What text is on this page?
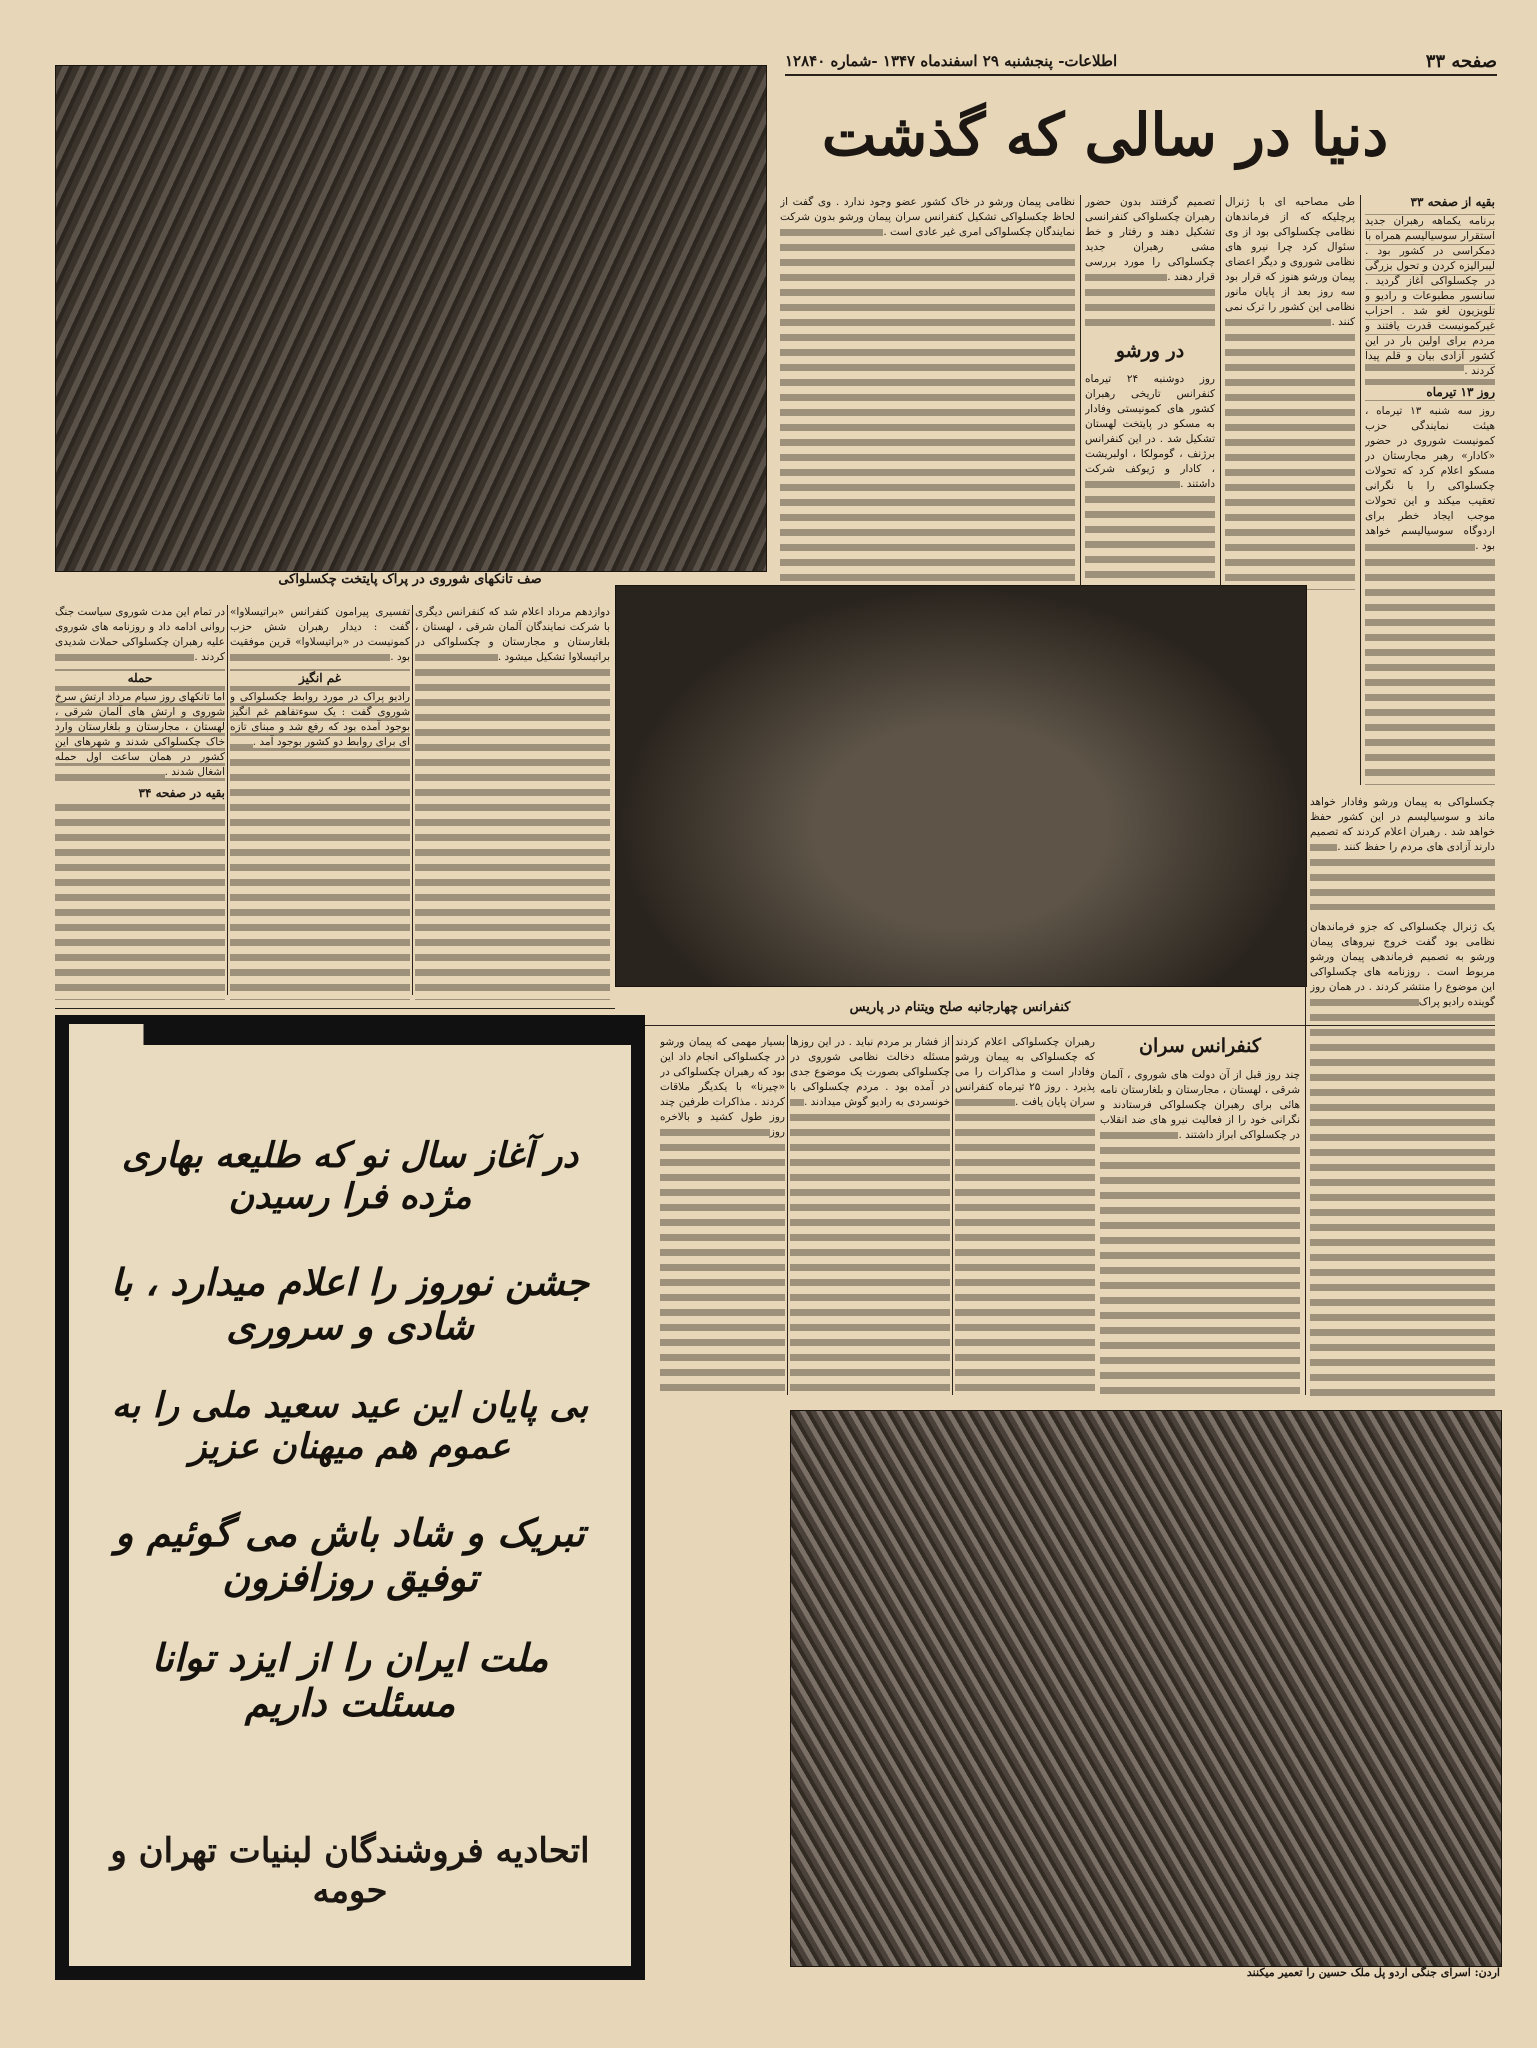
صفحه ۳۳
اطلاعات- پنجشنبه ۲۹ اسفندماه ۱۳۴۷ -شماره ۱۲۸۴۰
دنیا در سالی که گذشت
صف تانکهای شوروی در پراک پایتخت چکسلواکی
بقیه از صفحه ۳۳
برنامه یکماهه رهبران جدید استقرار سوسیالیسم همراه با دمکراسی در کشور بود . لیبرالیزه کردن و تحول بزرگی در چکسلواکی آغاز گردید . سانسور مطبوعات و رادیو و تلویزیون لغو شد . احزاب غیرکمونیست قدرت یافتند و مردم برای اولین بار در این کشور آزادی بیان و قلم پیدا کردند .
روز ۱۳ تیرماه
روز سه شنبه ۱۳ تیرماه ، هیئت نمایندگی حزب کمونیست شوروی در حضور «کادار» رهبر مجارستان در مسکو اعلام کرد که تحولات چکسلواکی را با نگرانی تعقیب میکند و این تحولات موجب ایجاد خطر برای اردوگاه سوسیالیسم خواهد بود .
طی مصاحبه ای با ژنرال پرچلیکه که از فرماندهان نظامی چکسلواکی بود از وی سئوال کرد چرا نیرو های نظامی شوروی و دیگر اعضای پیمان ورشو هنوز که قرار بود سه روز بعد از پایان مانور نظامی این کشور را ترک نمی کنند .
تصمیم گرفتند بدون حضور رهبران چکسلواکی کنفرانسی تشکیل دهند و رفتار و خط مشی رهبران جدید چکسلواکی را مورد بررسی قرار دهند .
در ورشو
روز دوشنبه ۲۴ تیرماه کنفرانس تاریخی رهبران کشور های کمونیستی وفادار به مسکو در پایتخت لهستان تشکیل شد . در این کنفرانس برژنف ، گومولکا ، اولبریشت ، کادار و ژیوکف شرکت داشتند .
نظامی پیمان ورشو در خاک کشور عضو وجود ندارد . وی گفت از لحاظ چکسلواکی تشکیل کنفرانس سران پیمان ورشو بدون شرکت نمایندگان چکسلواکی امری غیر عادی است .
کنفرانس چهارجانبه صلح ویتنام در پاریس
دوازدهم مرداد اعلام شد که کنفرانس دیگری با شرکت نمایندگان آلمان شرقی ، لهستان ، بلغارستان و مجارستان و چکسلواکی در براتیسلاوا تشکیل میشود .
تفسیری پیرامون کنفرانس «براتیسلاوا» گفت : دیدار رهبران شش حزب کمونیست در «براتیسلاوا» قرین موفقیت بود .
غم انگیز
رادیو پراک در مورد روابط چکسلواکی و شوروی گفت : یک سوءتفاهم غم انگیز بوجود آمده بود که رفع شد و مبنای تازه ای برای روابط دو کشور بوجود آمد .
در تمام این مدت شوروی سیاست جنگ روانی ادامه داد و روزنامه های شوروی علیه رهبران چکسلواکی حملات شدیدی کردند .
حمله
اما تانکهای روز سیام مرداد ارتش سرخ شوروی و ارتش های آلمان شرقی ، لهستان ، مجارستان و بلغارستان وارد خاک چکسلواکی شدند و شهرهای این کشور در همان ساعت اول حمله اشغال شدند .
بقیه در صفحه ۳۴
چکسلواکی به پیمان ورشو وفادار خواهد ماند و سوسیالیسم در این کشور حفظ خواهد شد . رهبران اعلام کردند که تصمیم دارند آزادی های مردم را حفظ کنند .
کنفرانس سران
چند روز قبل از آن دولت های شوروی ، آلمان شرقی ، لهستان ، مجارستان و بلغارستان نامه هائی برای رهبران چکسلواکی فرستادند و نگرانی خود را از فعالیت نیرو های ضد انقلاب در چکسلواکی ابراز داشتند .
رهبران چکسلواکی اعلام کردند که چکسلواکی به پیمان ورشو وفادار است و مذاکرات را می پذیرد . روز ۲۵ تیرماه کنفرانس سران پایان یافت .
از فشار بر مردم نباید . در این روزها مسئله دخالت نظامی شوروی در چکسلواکی بصورت یک موضوع جدی در آمده بود . مردم چکسلواکی با خونسردی به رادیو گوش میدادند .
بسیار مهمی که پیمان ورشو در چکسلواکی انجام داد این بود که رهبران چکسلواکی در «چیرنا» با یکدیگر ملاقات کردند . مذاکرات طرفین چند روز طول کشید و بالاخره روز
یک ژنرال چکسلواکی که جزو فرماندهان نظامی بود گفت خروج نیروهای پیمان ورشو به تصمیم فرماندهی پیمان ورشو مربوط است . روزنامه های چکسلواکی این موضوع را منتشر کردند . در همان روز گوینده رادیو پراک
اردن: اسرای جنگی اردو پل ملک حسین را تعمیر میکنند
در آغاز سال نو که طلیعه بهاری مژده فرا رسیدن
جشن نوروز را اعلام میدارد ، با شادی و سروری
بی پایان این عید سعید ملی را به عموم هم میهنان عزیز
تبریک و شاد باش می گوئیم و توفیق روزافزون
ملت ایران را از ایزد توانا مسئلت داریم
اتحادیه فروشندگان لبنیات تهران و حومه
